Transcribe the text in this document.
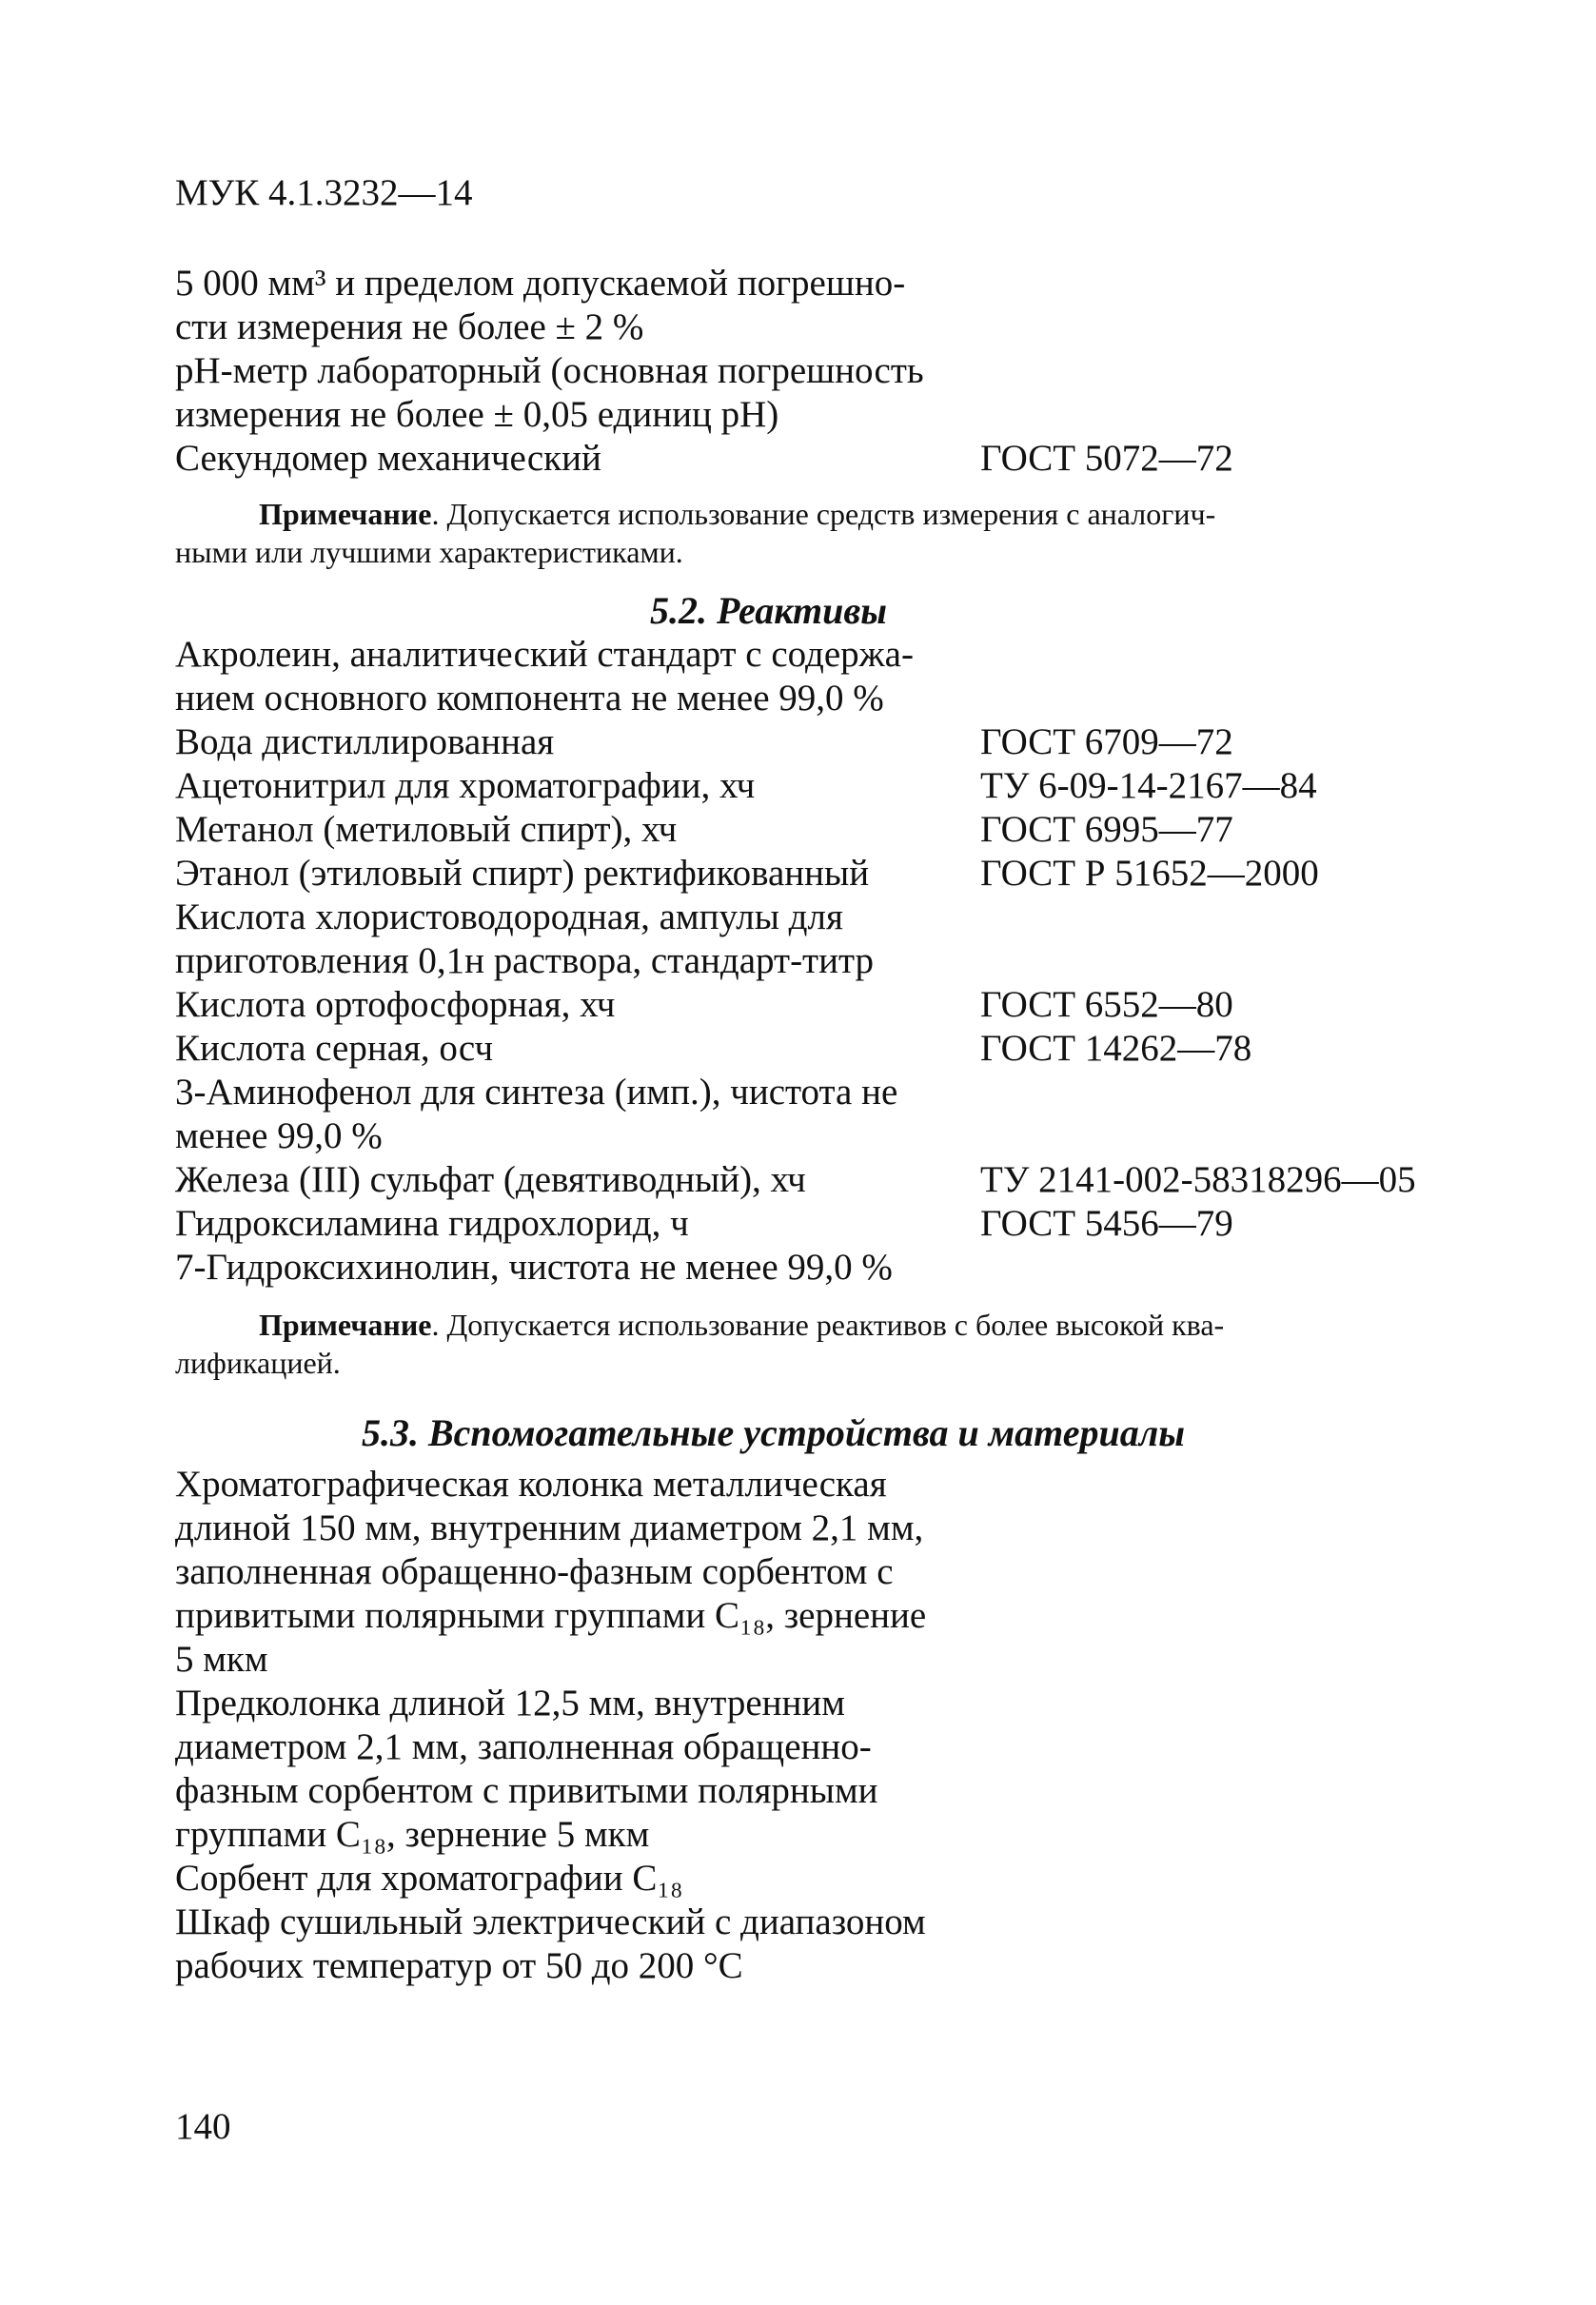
МУК 4.1.3232—14
5 000 мм³ и пределом допускаемой погрешно-
сти измерения не более ± 2 %
рН-метр лабораторный (основная погрешность
измерения не более ± 0,05 единиц рН)
Секундомер механический	ГОСТ 5072—72
Примечание. Допускается использование средств измерения с аналогич-
ными или лучшими характеристиками.
5.2. Реактивы
Акролеин, аналитический стандарт с содержа-
нием основного компонента не менее 99,0 %
Вода дистиллированная	ГОСТ 6709—72
Ацетонитрил для хроматографии, хч	ТУ 6-09-14-2167—84
Метанол (метиловый спирт), хч	ГОСТ 6995—77
Этанол (этиловый спирт) ректификованный	ГОСТ Р 51652—2000
Кислота хлористоводородная, ампулы для
приготовления 0,1н раствора, стандарт-титр
Кислота ортофосфорная, хч	ГОСТ 6552—80
Кислота серная, осч	ГОСТ 14262—78
3-Аминофенол для синтеза (имп.), чистота не
менее 99,0 %
Железа (III) сульфат (девятиводный), хч	ТУ 2141-002-58318296—05
Гидроксиламина гидрохлорид, ч	ГОСТ 5456—79
7-Гидроксихинолин, чистота не менее 99,0 %
Примечание. Допускается использование реактивов с более высокой ква-
лификацией.
5.3. Вспомогательные устройства и материалы
Хроматографическая колонка металлическая
длиной 150 мм, внутренним диаметром 2,1 мм,
заполненная обращенно-фазным сорбентом с
привитыми полярными группами C₁₈, зернение
5 мкм
Предколонка длиной 12,5 мм, внутренним
диаметром 2,1 мм, заполненная обращенно-
фазным сорбентом с привитыми полярными
группами C₁₈, зернение 5 мкм
Сорбент для хроматографии C₁₈
Шкаф сушильный электрический с диапазоном
рабочих температур от 50 до 200 °С
140
